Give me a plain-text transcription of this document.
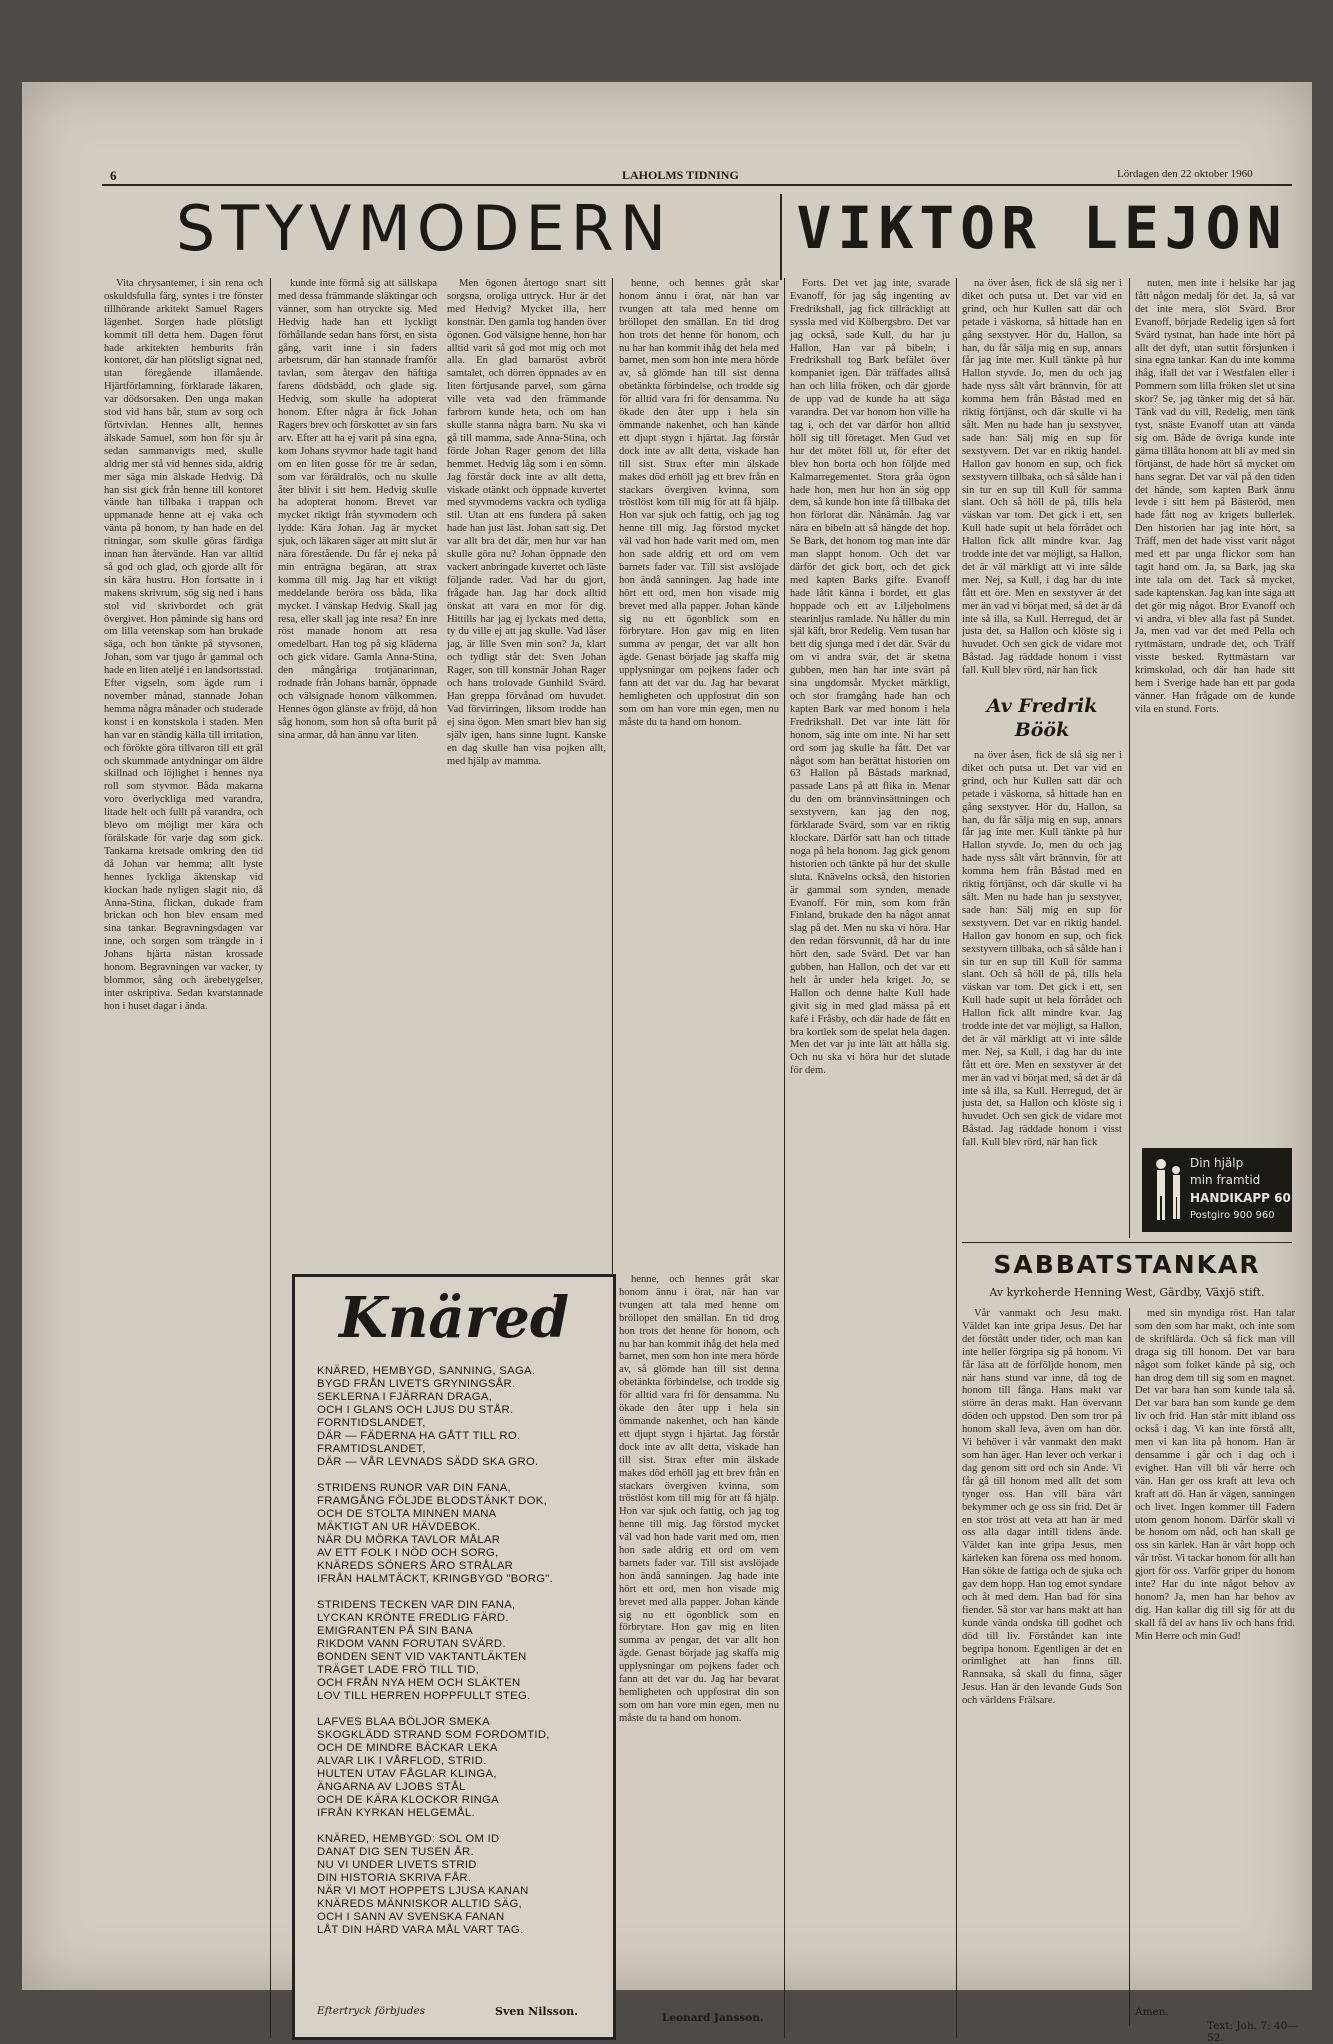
6	LAHOLMS TIDNING	Lördagen den 22 oktober 1960
STYVMODERN	VIKTOR LEJON

Vita chrysantemer, i sin rena och oskuldsfulla färg, syntes i tre fönster tillhörande arkitekt Samuel Ragers lägenhet. Sorgen hade plötsligt kommit till detta hem. Dagen förut hade arkitekten hemburits från kontoret, där han plötsligt signat ned, utan föregående illamående. Hjärtförlamning, förklarade läkaren, var dödsorsaken. Den unga makan stod vid hans bår, stum av sorg och förtvivlan. Hennes allt, hennes älskade Samuel, som hon för sju år sedan sammanvigts med, skulle aldrig mer stå vid hennes sida, aldrig mer säga min älskade Hedvig. Då han sist gick från henne till kontoret vände han tillbaka i trappan och uppmanade henne att ej vaka och vänta på honom, ty han hade en del ritningar, som skulle göras färdiga innan han återvände. Han var alltid så god och glad, och gjorde allt för sin kära hustru. Hon fortsatte in i makens skrivrum, sög sig ned i hans stol vid skrivbordet och grät övergivet. Hon påminde sig hans ord om lilla vetenskap som han brukade säga, och hon tänkte på styvsonen, Johan, som var tjugo år gammal och hade en liten ateljé i en landsortsstad. Efter vigseln, som ägde rum i november månad, stannade Johan hemma några månader och studerade konst i en konstskola i staden. Men han var en ständig källa till irritation, och förökte göra tillvaron till ett gräl och skummade antydningar om äldre skillnad och löjlighet i hennes nya roll som styvmor. Båda makarna voro överlyckliga med varandra, litade helt och fullt på varandra, och blevo om möjligt mer kära och förälskade för varje dag som gick. Tankarna kretsade omkring den tid då Johan var hemma; allt lyste hennes lyckliga äktenskap vid klockan hade nyligen slagit nio, då Anna-Stina, flickan, dukade fram brickan och hon blev ensam med sina tankar. Begravningsdagen var inne, och sorgen som trängde in i Johans hjärta nästan krossade honom. Begravningen var vacker, ty blommor, sång och ärebetygelser, inter oskriptiva. Sedan kvarstannade hon i huset dagar i ända.

kunde inte förmå sig att sällskapa med dessa främmande släktingar och vänner, som han otryckte sig. Med Hedvig hade han ett lyckligt förhållande sedan hans först, en sista gång, varit inne i sin faders arbetsrum, där han stannade framför tavlan, som återgav den häftiga farens dödsbädd, och glade sig. Hedvig, som skulle ha adopterat honom. Efter några år fick Johan Ragers brev och förskottet av sin fars arv. Efter att ha ej varit på sina egna, kom Johans styvmor hade tagit hand om en liten gosse för tre år sedan, som var föräldralös, och nu skulle åter blivit i sitt hem. Hedvig skulle ha adopterat honom. Brevet var mycket riktigt från styvmodern och lydde: Kära Johan. Jag är mycket sjuk, och läkaren säger att mitt slut är nära förestående. Du får ej neka på min enträgna begäran, att strax komma till mig. Jag har ett viktigt meddelande beröra oss båda, lika mycket. I vänskap Hedvig. Skall jag resa, eller skall jag inte resa? En inre röst manade honom att resa omedelbart. Han tog på sig kläderna och gick vidare. Gamla Anna-Stina, den mångåriga trotjänarinnan, rodnade från Johans barnår, öppnade och välsignade honom välkommen. Hennes ögon glänste av fröjd, då hon såg honom, som hon så ofta burit på sina armar, då han ännu var liten.

Men ögonen återtogo snart sitt sorgsna, oroliga uttryck. Hur är det med Hedvig? Mycket illa, herr konstnär. Den gamla tog handen över ögonen. God välsigne henne, hon har alltid varit så god mot mig och mot alla. En glad barnaröst avbröt samtalet, och dörren öppnades av en liten förtjusande parvel, som gärna ville veta vad den främmande farbrorn kunde heta, och om han skulle stanna några barn. Nu ska vi gå till mamma, sade Anna-Stina, och förde Johan Rager genom det lilla hemmet. Hedvig låg som i en sömn. Jag förstår dock inte av allt detta, viskade otänkt och öppnade kuvertet med styvmoderns vackra och tydliga stil. Utan att ens fundera på saken hade han just läst. Johan satt sig. Det var allt bra det där, men hur var han skulle göra nu? Johan öppnade den vackert anbringade kuvertet och läste följande rader. Vad har du gjort, frågade han. Jag har dock alltid önskat att vara en mor för dig. Hittills har jag ej lyckats med detta, ty du ville ej att jag skulle. Vad låser jag, är lille Sven min son? Ja, klart och tydligt står det: Sven Johan Rager, son till konstnär Johan Rager och hans trolovade Gunhild Svärd. Han greppa förvånad om huvudet. Vad förvirringen, liksom trodde han ej sina ögon. Men smart blev han sig själv igen, hans sinne lugnt. Kanske en dag skulle han visa pojken allt, med hjälp av mamma.

henne, och hennes gråt skar honom ännu i örat, när han var tvungen att tala med henne om bröllopet den smällan. En tid drog hon trots det henne för honom, och nu har han kommit ihåg det hela med barnet, men som hon inte mera hörde av, så glömde han till sist denna obetänkta förbindelse, och trodde sig för alltid vara fri för densamma. Nu ökade den åter upp i hela sin ömmande nakenhet, och han kände ett djupt stygn i hjärtat. Jag förstår dock inte av allt detta, viskade han till sist. Strax efter min älskade makes död erhöll jag ett brev från en stackars övergiven kvinna, som tröstlöst kom till mig för att få hjälp. Hon var sjuk och fattig, och jag tog henne till mig. Jag förstod mycket väl vad hon hade varit med om, men hon sade aldrig ett ord om vem barnets fader var. Till sist avslöjade hon ändå sanningen. Jag hade inte hört ett ord, men hon visade mig brevet med alla papper. Johan kände sig nu ett ögonblick som en förbrytare. Hon gav mig en liten summa av pengar, det var allt hon ägde. Genast började jag skaffa mig upplysningar om pojkens fader och fann att det var du. Jag har bevarat hemligheten och uppfostrat din son som om han vore min egen, men nu måste du ta hand om honom.

Knäred
KNÄRED, HEMBYGD, SANNING, SAGA.
BYGD FRÅN LIVETS GRYNINGSÅR.
SEKLERNA I FJÄRRAN DRAGA,
OCH I GLANS OCH LJUS DU STÅR.
FORNTIDSLANDET,
DÄR — FÄDERNA HA GÅTT TILL RO.
FRAMTIDSLANDET,
DÄR — VÅR LEVNADS SÄDD SKA GRO.

STRIDENS RUNOR VAR DIN FANA,
FRAMGÅNG FÖLJDE BLODSTÄNKT DOK,
OCH DE STOLTA MINNEN MANA
MÄKTIGT AN UR HÄVDEBOK.
NÄR DU MÖRKA TAVLOR MÅLAR
AV ETT FOLK I NÖD OCH SORG,
KNÄREDS SÖNERS ÅRO STRÅLAR
IFRÅN HALMTÄCKT, KRINGBYGD "BORG".

STRIDENS TECKEN VAR DIN FANA,
LYCKAN KRÖNTE FREDLIG FÄRD.
EMIGRANTEN PÅ SIN BANA
RIKDOM VANN FORUTAN SVÄRD.
BONDEN SENT VID VAKTANTLÄKTEN
TRÄGET LADE FRÖ TILL TID,
OCH FRÅN NYA HEM OCH SLÄKTEN
LOV TILL HERREN HOPPFULLT STEG.

LAFVES BLAA BÖLJOR SMEKA
SKOGKLÄDD STRAND SOM FORDOMTID,
OCH DE MINDRE BÄCKAR LEKA
ALVAR LIK I VÅRFLOD, STRID.
HULTEN UTAV FÅGLAR KLINGA,
ÄNGARNA AV LJOBS STÅL
OCH DE KÄRA KLOCKOR RINGA
IFRÅN KYRKAN HELGEMÅL.

KNÄRED, HEMBYGD: SOL OM ID
DANAT DIG SEN TUSEN ÅR.
NU VI UNDER LIVETS STRID
DIN HISTORIA SKRIVA FÅR.
NÄR VI MOT HOPPETS LJUSA KANAN
KNÄREDS MÄNNISKOR ALLTID SÄG,
OCH I SANN AV SVENSKA FANAN
LÅT DIN HÄRD VARA MÅL VART TAG.
Eftertryck förbjudes	Sven Nilsson.

henne, och hennes gråt skar honom ännu i örat, när han var tvungen att tala med henne om bröllopet den smällan. En tid drog hon trots det henne för honom, och nu har han kommit ihåg det hela med barnet, men som hon inte mera hörde av, så glömde han till sist denna obetänkta förbindelse, och trodde sig för alltid vara fri för densamma. Nu ökade den åter upp i hela sin ömmande nakenhet, och han kände ett djupt stygn i hjärtat. Jag förstår dock inte av allt detta, viskade han till sist. Strax efter min älskade makes död erhöll jag ett brev från en stackars övergiven kvinna, som tröstlöst kom till mig för att få hjälp. Hon var sjuk och fattig, och jag tog henne till mig. Jag förstod mycket väl vad hon hade varit med om, men hon sade aldrig ett ord om vem barnets fader var. Till sist avslöjade hon ändå sanningen. Jag hade inte hört ett ord, men hon visade mig brevet med alla papper. Johan kände sig nu ett ögonblick som en förbrytare. Hon gav mig en liten summa av pengar, det var allt hon ägde. Genast började jag skaffa mig upplysningar om pojkens fader och fann att det var du. Jag har bevarat hemligheten och uppfostrat din son som om han vore min egen, men nu måste du ta hand om honom.

Leonard Jansson.

Forts. Det vet jag inte, svarade Evanoff, för jag såg ingenting av Fredrikshall, jag fick tillräckligt att syssla med vid Kölbergsbro. Det var jag också, sade Kull, du har ju Hallon, Han var på bibeln; i Fredrikshall tog Bark befälet över kompaniet igen. Där träffades alltså han och lilla fröken, och där gjorde de upp vad de kunde ha att säga varandra. Det var honom hon ville ha tag i, och det var därför hon alltid höll sig till företaget. Men Gud vet hur det mötet föll ut, för efter det blev hon borta och hon följde med Kalmarregementet. Stora gråa ögon hade hon, men hur hon än sög opp dem, så kunde hon inte få tillbaka det hon förlorat där. Nånämån. Jag var nära en bibeln att så hängde det hop. Se Bark, det honom tog man inte där man slappt honom. Och det var därför det gick bort, och det gick med kapten Barks gifte. Evanoff hade låtit känna i bordet, ett glas hoppade och ett av Liljeholmens stearinljus ramlade. Nu håller du min själ käft, bror Redelig. Vem tusan har bett dig sjunga med i det där. Svär du om vi andra svär, det är sketna gubben, men han har inte svärt på sina ungdomsår. Mycket märkligt, och stor framgång hade han och kapten Bark var med honom i hela Fredrikshall. Det var inte lätt för honom, säg inte om inte. Ni har sett ord som jag skulle ha fått. Det var något som han berättat historien om 63 Hallon på Båstads marknad, passade Lans på att flika in. Menar du den om brännvinsättningen och sexstyvern, kan jag den nog, förklarade Svärd, som var en riktig klockare. Därför satt han och tittade noga på hela honom. Jag gick genom historien och tänkte på hur det skulle sluta. Knävelns också, den historien är gammal som synden, menade Evanoff. För min, som kom från Finland, brukade den ha något annat slag på det. Men nu ska vi höra. Har den redan försvunnit, då har du inte hört den, sade Svärd. Det var han gubben, han Hallon, och det var ett helt år under hela kriget. Jo, se Hallon och denne halte Kull hade givit sig in med glad mässa på ett kafé i Fråsby, och där hade de fått en bra kortlek som de spelat hela dagen. Men det var ju inte lätt att hålla sig. Och nu ska vi höra hur det slutade för dem.

na över åsen, fick de slå sig ner i diket och putsa ut. Det var vid en grind, och hur Kullen satt där och petade i väskorna, så hittade han en gång sexstyver. Hör du, Hallon, sa han, du får sälja mig en sup, annars får jag inte mer. Kull tänkte på hur Hallon styvde. Jo, men du och jag hade nyss sålt vårt brännvin, för att komma hem från Båstad med en riktig förtjänst, och där skulle vi ha sålt. Men nu hade han ju sexstyver, sade han: Sälj mig en sup för sexstyvern. Det var en riktig handel. Hallon gav honom en sup, och fick sexstyvern tillbaka, och så sålde han i sin tur en sup till Kull för samma slant. Och så höll de på, tills hela väskan var tom. Det gick i ett, sen Kull hade supit ut hela förrådet och Hallon fick allt mindre kvar. Jag trodde inte det var möjligt, sa Hallon, det är väl märkligt att vi inte sålde mer. Nej, sa Kull, i dag har du inte fått ett öre. Men en sexstyver är det mer än vad vi börjat med, så det är då inte så illa, sa Kull. Herregud, det är justa det, sa Hallon och klöste sig i huvudet. Och sen gick de vidare mot Båstad. Jag räddade honom i visst fall. Kull blev rörd, när han fick

Av Fredrik Böök

na över åsen, fick de slå sig ner i diket och putsa ut. Det var vid en grind, och hur Kullen satt där och petade i väskorna, så hittade han en gång sexstyver. Hör du, Hallon, sa han, du får sälja mig en sup, annars får jag inte mer. Kull tänkte på hur Hallon styvde. Jo, men du och jag hade nyss sålt vårt brännvin, för att komma hem från Båstad med en riktig förtjänst, och där skulle vi ha sålt. Men nu hade han ju sexstyver, sade han: Sälj mig en sup för sexstyvern. Det var en riktig handel. Hallon gav honom en sup, och fick sexstyvern tillbaka, och så sålde han i sin tur en sup till Kull för samma slant. Och så höll de på, tills hela väskan var tom. Det gick i ett, sen Kull hade supit ut hela förrådet och Hallon fick allt mindre kvar. Jag trodde inte det var möjligt, sa Hallon, det är väl märkligt att vi inte sålde mer. Nej, sa Kull, i dag har du inte fått ett öre. Men en sexstyver är det mer än vad vi börjat med, så det är då inte så illa, sa Kull. Herregud, det är justa det, sa Hallon och klöste sig i huvudet. Och sen gick de vidare mot Båstad. Jag räddade honom i visst fall. Kull blev rörd, när han fick

nuten, men inte i helsike har jag fått någon medalj för det. Ja, så var det inte mera, slöt Svärd. Bror Evanoff, började Redelig igen så fort Svärd tystnat, han hade inte hört på allt det dyft, utan suttit försjunken i sina egna tankar. Kan du inte komma ihåg, ifall det var i Westfalen eller i Pommern som lilla fröken slet ut sina skor? Se, jag tänker mig det så här. Tänk vad du vill, Redelig, men tänk tyst, snäste Evanoff utan att vända sig om. Både de övriga kunde inte gärna tillåta honom att bli av med sin förtjänst, de hade hört så mycket om hans segrar. Det var väl på den tiden det hände, som kapten Bark ännu levde i sitt hem på Bästeröd, men hade fått nog av krigets bullerlek. Den historien har jag inte hört, sa Träff, men det hade visst varit något med ett par unga flickor som han tagit hand om. Ja, sa Bark, jag ska inte tala om det. Tack så mycket, sade kaptenskan. Jag kan inte säga att det gör mig något. Bror Evanoff och vi andra, vi blev alla fast på Sundet. Ja, men vad var det med Pella och ryttmästarn, undrade det, och Träff visste besked. Ryttmästarn var krimskolad, och där han hade sitt hem i Sverige hade han ett par goda vänner. Han frågade om de kunde vila en stund. Forts.

Din hjälp
min framtid
HANDIKAPP 60
Postgiro 900 960
SABBATSTANKAR
Av kyrkoherde Henning West, Gärdby, Växjö stift.

Vår vanmakt och Jesu makt. Väldet kan inte gripa Jesus. Det har det förstått under tider, och man kan inte heller förgripa sig på honom. Vi får läsa att de förföljde honom, men när hans stund var inne, då tog de honom till fånga. Hans makt var större än deras makt. Han övervann döden och uppstod. Den som tror på honom skall leva, även om han dör. Vi behöver i vår vanmakt den makt som han äger. Han lever och verkar i dag genom sitt ord och sin Ande. Vi får gå till honom med allt det som tynger oss. Han vill bära vårt bekymmer och ge oss sin frid. Det är en stor tröst att veta att han är med oss alla dagar intill tidens ände. Väldet kan inte gripa Jesus, men kärleken kan förena oss med honom. Han sökte de fattiga och de sjuka och gav dem hopp. Han tog emot syndare och åt med dem. Han bad för sina fiender. Så stor var hans makt att han kunde vända ondska till godhet och död till liv. Förståndet kan inte begripa honom. Egentligen är det en orimlighet att han finns till. Rannsaka, så skall du finna, säger Jesus. Han är den levande Guds Son och världens Frälsare.

med sin myndiga röst. Han talar som den som har makt, och inte som de skriftlärda. Och så fick man vill draga sig till honom. Det var bara något som folket kände på sig, och han drog dem till sig som en magnet. Det var bara han som kunde tala så. Det var bara han som kunde ge dem liv och frid. Han står mitt ibland oss också i dag. Vi kan inte förstå allt, men vi kan lita på honom. Han är densamme i går och i dag och i evighet. Han vill bli vår herre och vän. Han ger oss kraft att leva och kraft att dö. Han är vägen, sanningen och livet. Ingen kommer till Fadern utom genom honom. Därför skall vi be honom om nåd, och han skall ge oss sin kärlek. Han är vårt hopp och vår tröst. Vi tackar honom för allt han gjort för oss. Varför griper du honom inte? Har du inte något behov av honom? Ja, men han har behov av dig. Han kallar dig till sig för att du skall få del av hans liv och hans frid. Min Herre och min Gud!

Amen.
Text: Joh. 7: 40—52.
